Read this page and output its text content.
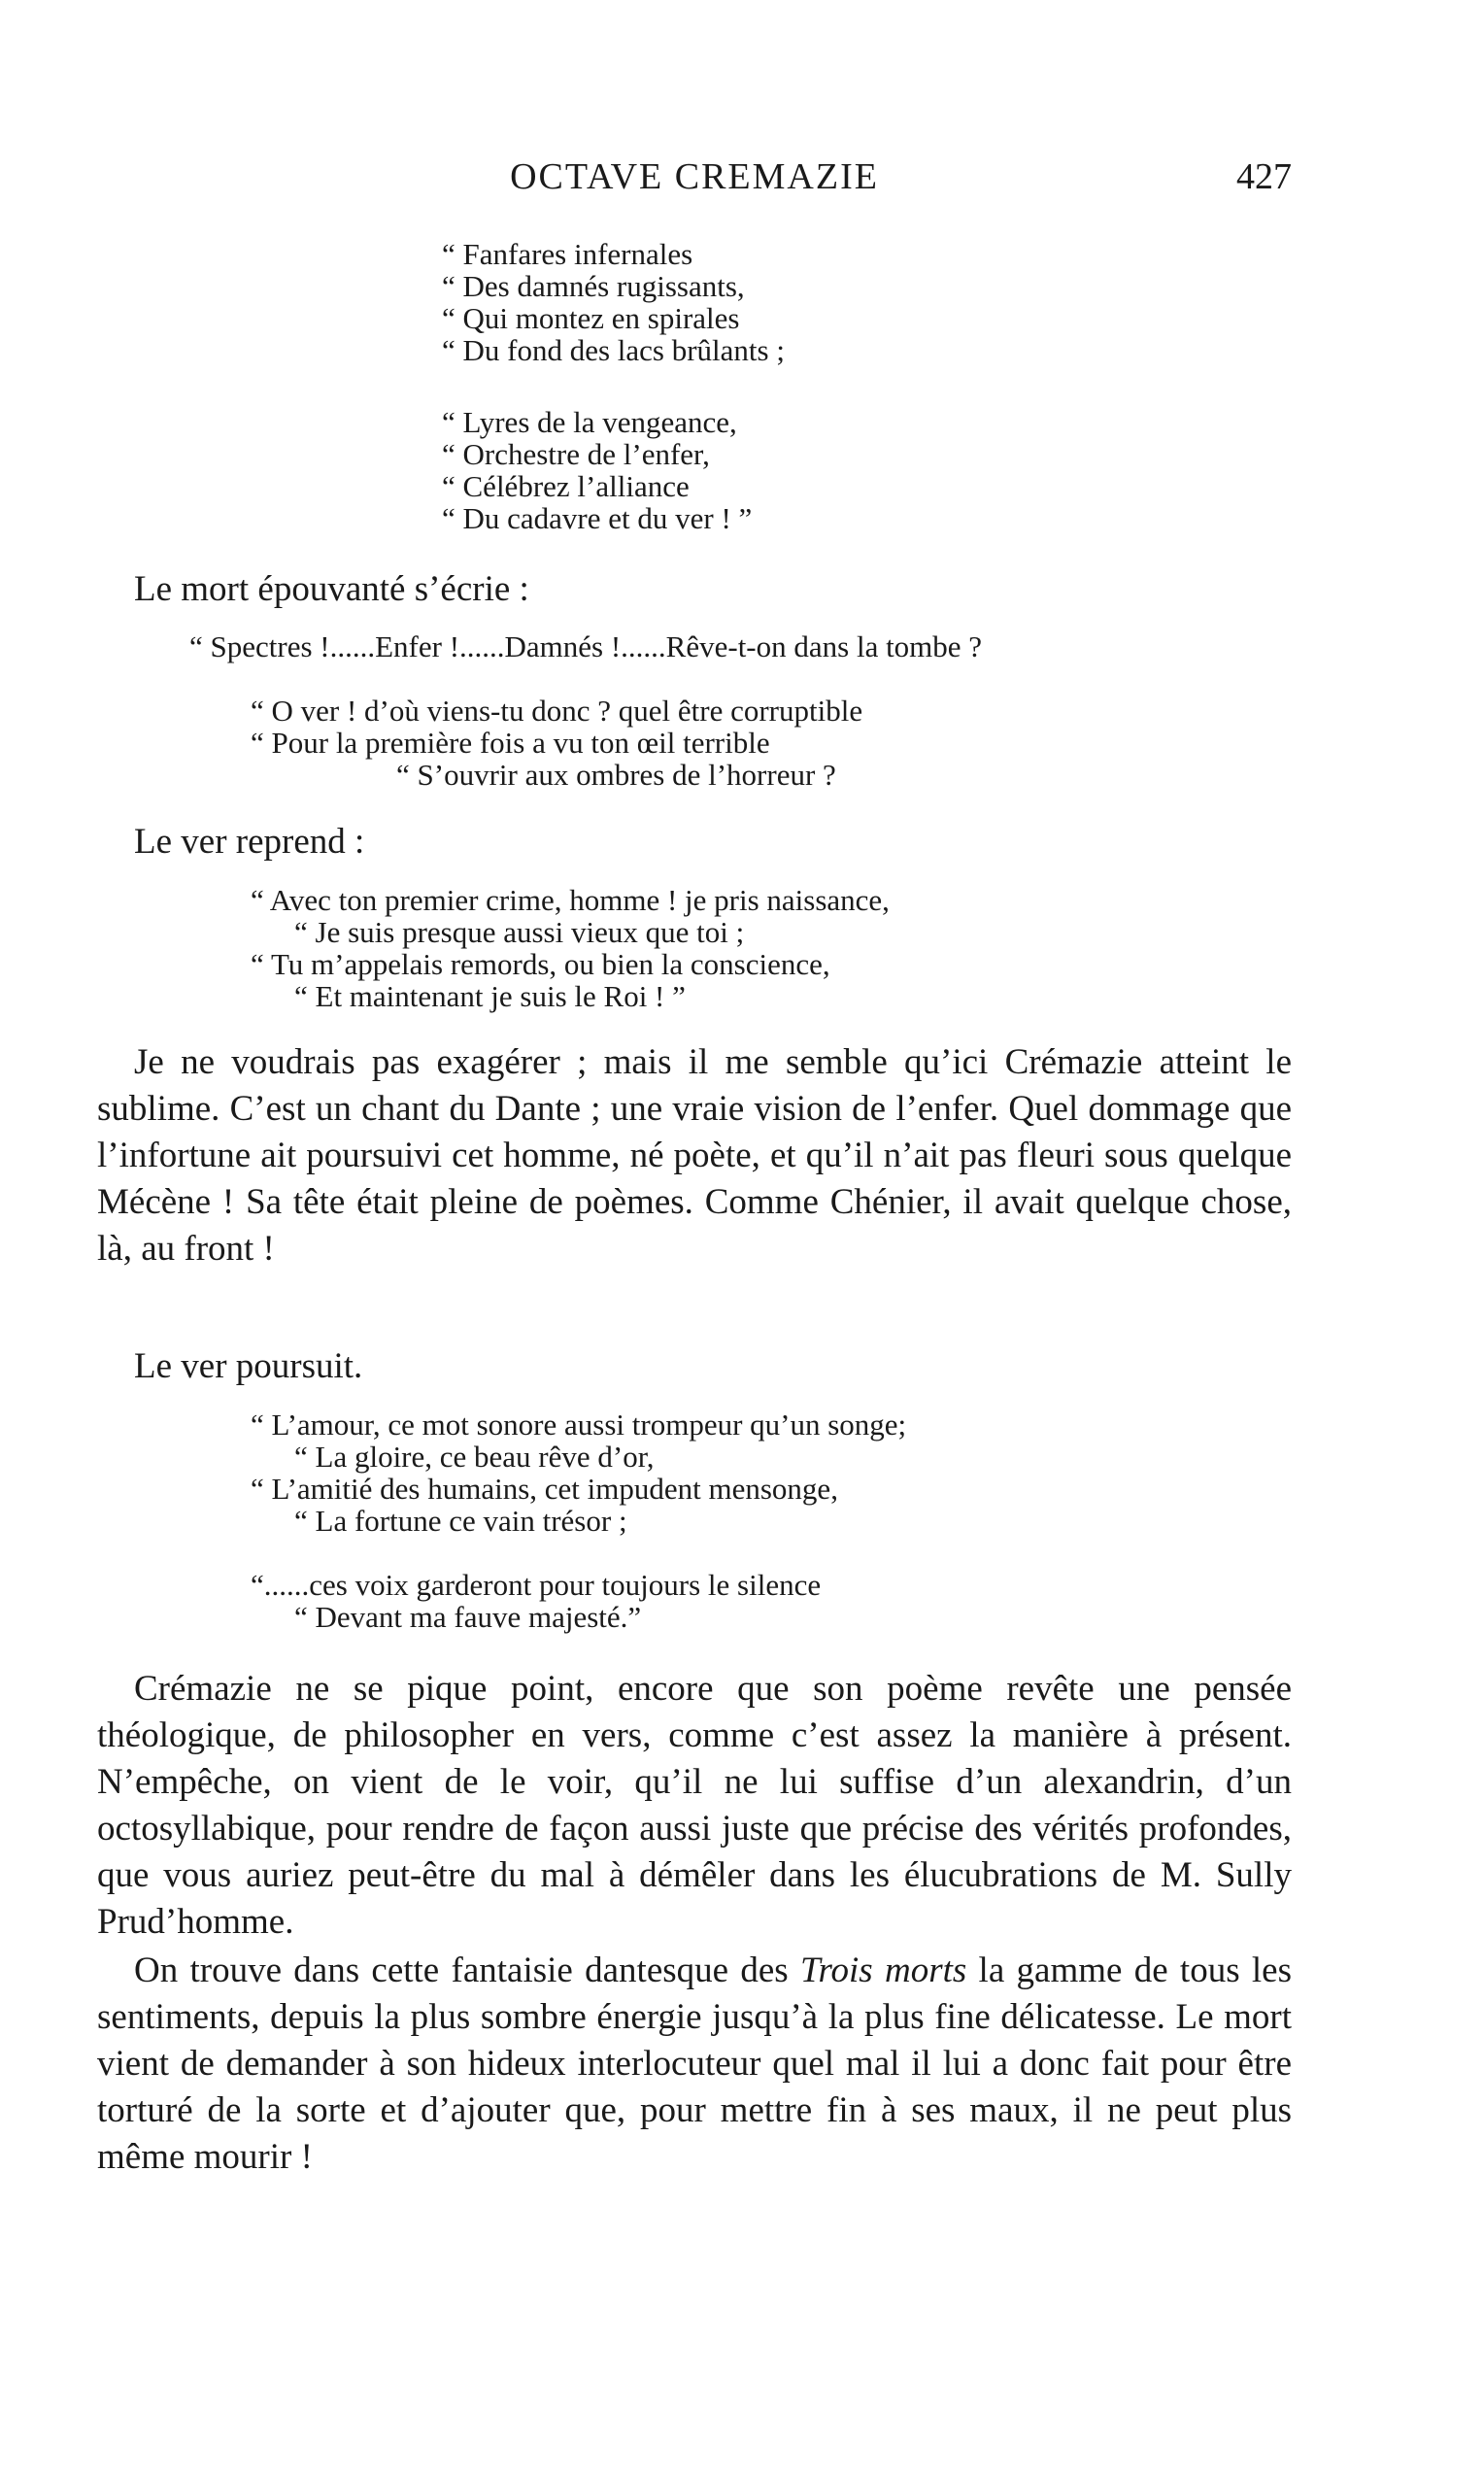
OCTAVE CREMAZIE	427
“ Fanfares infernales
“ Des damnés rugissants,
“ Qui montez en spirales
“ Du fond des lacs brûlants ;
“ Lyres de la vengeance,
“ Orchestre de l’enfer,
“ Célébrez l’alliance
“ Du cadavre et du ver ! ”
Le mort épouvanté s’écrie :
“ Spectres !......Enfer !......Damnés !......Rêve-t-on dans la tombe ?
“ O ver ! d’où viens-tu donc ? quel être corruptible
“ Pour la première fois a vu ton œil terrible
“ S’ouvrir aux ombres de l’horreur ?
Le ver reprend :
“ Avec ton premier crime, homme ! je pris naissance,
“ Je suis presque aussi vieux que toi ;
“ Tu m’appelais remords, ou bien la conscience,
“ Et maintenant je suis le Roi ! ”

Je ne voudrais pas exagérer ; mais il me semble qu’ici Crémazie atteint le sublime. C’est un chant du Dante ; une vraie vision de l’enfer. Quel dommage que l’infortune ait poursuivi cet homme, né poète, et qu’il n’ait pas fleuri sous quelque Mécène ! Sa tête était pleine de poèmes. Comme Chénier, il avait quelque chose, là, au front !

Le ver poursuit.
“ L’amour, ce mot sonore aussi trompeur qu’un songe;
“ La gloire, ce beau rêve d’or,
“ L’amitié des humains, cet impudent mensonge,
“ La fortune ce vain trésor ;
“......ces voix garderont pour toujours le silence
“ Devant ma fauve majesté.”

Crémazie ne se pique point, encore que son poème revête une pensée théologique, de philosopher en vers, comme c’est assez la manière à présent. N’empêche, on vient de le voir, qu’il ne lui suffise d’un alexandrin, d’un octosyllabique, pour rendre de façon aussi juste que précise des vérités profondes, que vous auriez peut-être du mal à démêler dans les élucubrations de M. Sully Prud’homme.

On trouve dans cette fantaisie dantesque des Trois morts la gamme de tous les sentiments, depuis la plus sombre énergie jusqu’à la plus fine délicatesse. Le mort vient de demander à son hideux interlocuteur quel mal il lui a donc fait pour être torturé de la sorte et d’ajouter que, pour mettre fin à ses maux, il ne peut plus même mourir !
